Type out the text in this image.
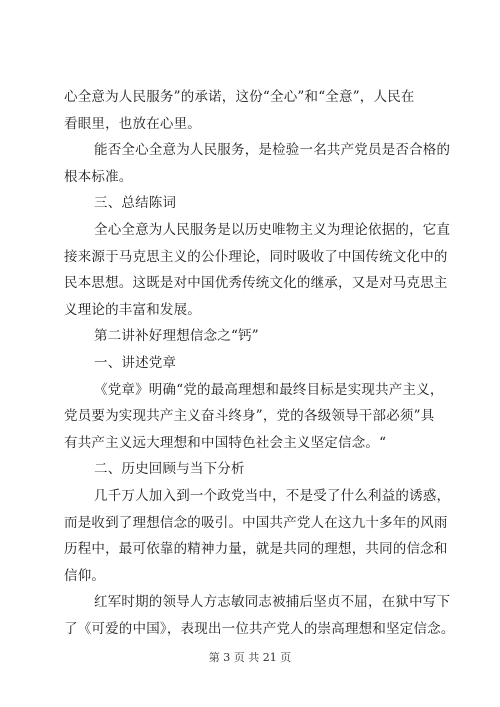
心全意为人民服务”的承诺，这份“全心”和“全意”，人民在
看眼里，也放在心里。
能否全心全意为人民服务，是检验一名共产党员是否合格的
根本标准。
三、总结陈词
全心全意为人民服务是以历史唯物主义为理论依据的，它直
接来源于马克思主义的公仆理论，同时吸收了中国传统文化中的
民本思想。这既是对中国优秀传统文化的继承，又是对马克思主
义理论的丰富和发展。
第二讲补好理想信念之“钙”
一、讲述党章
《党章》明确“党的最高理想和最终目标是实现共产主义，
党员要为实现共产主义奋斗终身”，党的各级领导干部必须”具
有共产主义远大理想和中国特色社会主义坚定信念。“
二、历史回顾与当下分析
几千万人加入到一个政党当中，不是受了什么利益的诱惑，
而是收到了理想信念的吸引。中国共产党人在这九十多年的风雨
历程中，最可依靠的精神力量，就是共同的理想，共同的信念和
信仰。
红军时期的领导人方志敏同志被捕后坚贞不屈，在狱中写下
了《可爱的中国》，表现出一位共产党人的崇高理想和坚定信念。
第 3 页 共 21 页
